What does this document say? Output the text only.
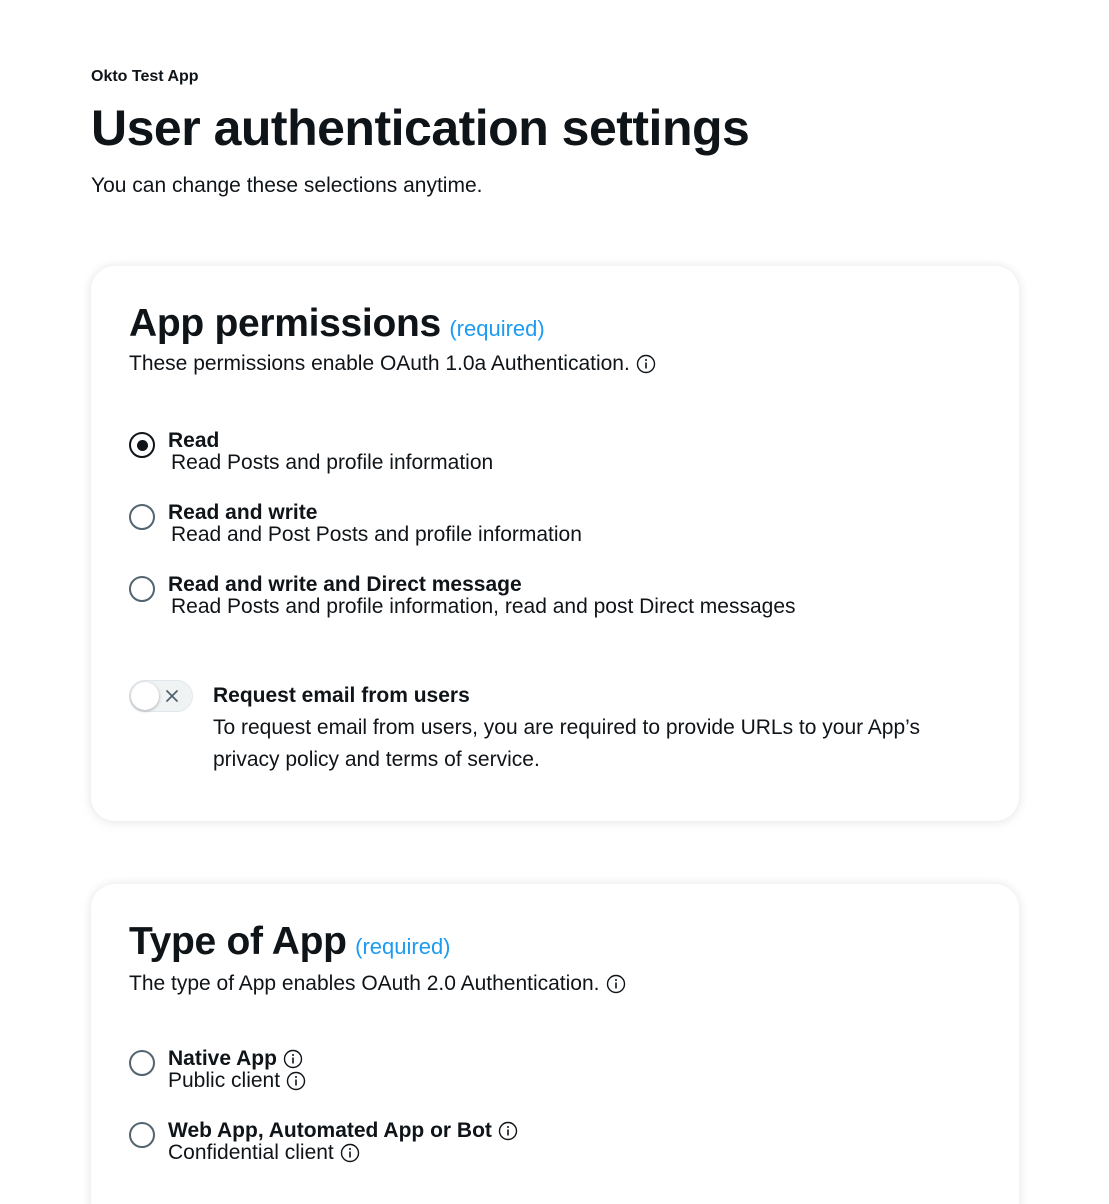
Okto Test App
User authentication settings
You can change these selections anytime.
App permissions (required)
These permissions enable OAuth 1.0a Authentication.
Read
Read Posts and profile information
Read and write
Read and Post Posts and profile information
Read and write and Direct message
Read Posts and profile information, read and post Direct messages
Request email from users
To request email from users, you are required to provide URLs to your App’s privacy policy and terms of service.
Type of App (required)
The type of App enables OAuth 2.0 Authentication.
Native App
Public client
Web App, Automated App or Bot
Confidential client
